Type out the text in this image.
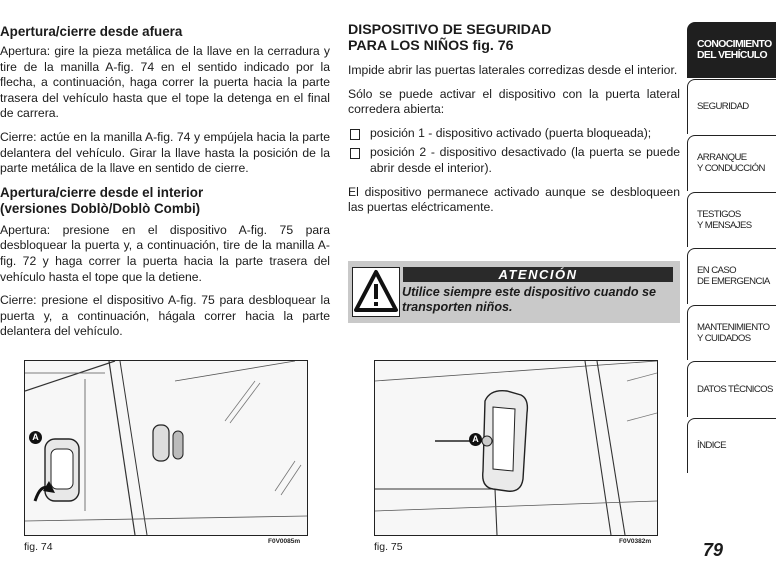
Apertura/cierre desde afuera

Apertura: gire la pieza metálica de la llave en la cerradura y tire de la manilla A-fig. 74 en el sentido indicado por la flecha, a continuación, haga correr la puerta hacia la parte trasera del vehículo hasta que el tope la detenga en el final de carrera.

Cierre: actúe en la manilla A-fig. 74 y empújela hacia la parte delantera del vehículo. Girar la llave hasta la posición de la parte metálica de la llave en sentido de cierre.

Apertura/cierre desde el interior
(versiones Doblò/Doblò Combi)

Apertura: presione en el dispositivo A-fig. 75 para desbloquear la puerta y, a continuación, tire de la manilla A-fig. 72 y haga correr la puerta hacia la parte trasera del vehículo hasta el tope que la detiene.

Cierre: presione el dispositivo A-fig. 75 para desbloquear la puerta y, a continuación, hágala correr hacia la parte delantera del vehículo.

DISPOSITIVO DE SEGURIDAD
PARA LOS NIÑOS fig. 76

Impide abrir las puertas laterales corredizas desde el interior.

Sólo se puede activar el dispositivo con la puerta lateral corredera abierta:

posición 1 - dispositivo activado (puerta bloqueada);
posición 2 - dispositivo desactivado (la puerta se puede abrir desde el interior).

El dispositivo permanece activado aunque se desbloqueen las puertas eléctricamente.

ATENCIÓN
Utilice siempre este dispositivo cuando se transporten niños.
A
fig. 74	F0V0085m
A
fig. 75	F0V0382m
CONOCIMIENTO
DEL VEHÍCULO
SEGURIDAD
ARRANQUE
Y CONDUCCIÓN
TESTIGOS
Y MENSAJES
EN CASO
DE EMERGENCIA
MANTENIMIENTO
Y CUIDADOS
DATOS TÉCNICOS
ÍNDICE
79
